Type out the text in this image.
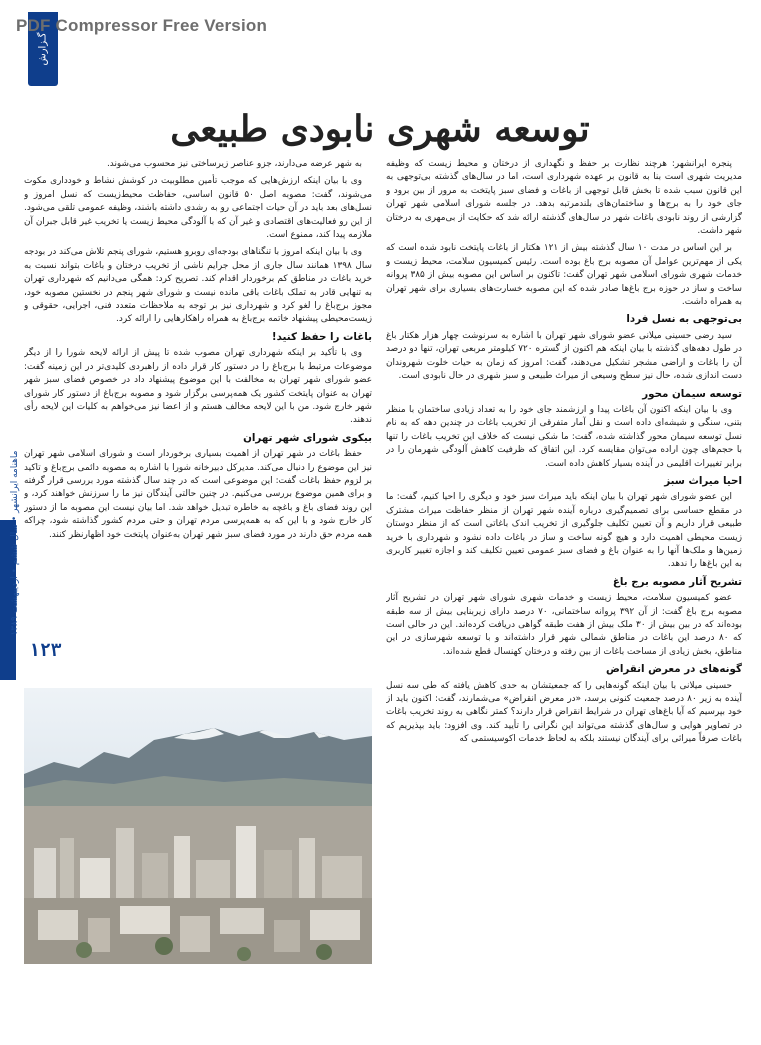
PDF Compressor Free Version
گـزارش
توسعه شهری نابودی طبیعی
ماهنامه ایرانشهر • سال ششم • اردیبهشت ۱۳۸۹
۱۲۳

پنجره ایرانشهر: هرچند نظارت بر حفظ و نگهداری از درختان و محیط زیست که وظیفه مدیریت شهری است بنا به قانون بر عهده شهرداری است، اما در سال‌های گذشته بی‌توجهی به این قانون سبب شده تا بخش قابل توجهی از باغات و فضای سبز پایتخت به مرور از بین برود و جای خود را به برج‌ها و ساختمان‌های بلندمرتبه بدهد. در جلسه شورای اسلامی شهر تهران گزارشی از روند نابودی باغات شهر در سال‌های گذشته ارائه شد که حکایت از بی‌مهری به درختان شهر داشت.

بر این اساس در مدت ۱۰ سال گذشته بیش از ۱۲۱ هکتار از باغات پایتخت نابود شده است که یکی از مهم‌ترین عوامل آن مصوبه برج باغ بوده است. رئیس کمیسیون سلامت، محیط زیست و خدمات شهری شورای اسلامی شهر تهران گفت: تاکنون بر اساس این مصوبه بیش از ۳۸۵ پروانه ساخت و ساز در حوزه برج باغ‌ها صادر شده که این مصوبه خسارت‌های بسیاری برای شهر تهران به همراه داشت.

بی‌توجهی به نسل فردا

سید رضی حسینی میلانی عضو شورای شهر تهران با اشاره به سرنوشت چهار هزار هکتار باغ در طول دهه‌های گذشته با بیان اینکه هم اکنون از گستره ۷۲۰ کیلومتر مربعی تهران، تنها دو درصد آن را باغات و اراضی مشجر تشکیل می‌دهند، گفت: امروز که زمان به حیات خلوت شهروندان دست اندازی شده، حال نیز سطح وسیعی از میراث طبیعی و سبز شهری در حال نابودی است.

توسعه سیمان محور

وی با بیان اینکه اکنون آن باغات پیدا و ارزشمند جای خود را به تعداد زیادی ساختمان با منظر بتنی، سنگی و شیشه‌ای داده است و نقل آمار متفرقی از تخریب باغات در چندین دهه که به نام نسل توسعه سیمان محور گذاشته شده، گفت: ما شکی نیست که خلاف این تخریب باغات را تنها با حجم‌های چون اراده می‌توان مقایسه کرد. این اتفاق که ظرفیت کاهش آلودگی شهرمان را در برابر تغییرات اقلیمی در آینده بسیار کاهش داده است.

احیا میراث سبز

این عضو شورای شهر تهران با بیان اینکه باید میراث سبز خود و دیگری را احیا کنیم، گفت: ما در مقطع حساسی برای تصمیم‌گیری درباره آینده شهر تهران از منظر حفاظت میراث مشترک طبیعی قرار داریم و آن تعیین تکلیف جلوگیری از تخریب اندک باغاتی است که از منظر دوستان زیست محیطی اهمیت دارد و هیچ گونه ساخت و ساز در باغات داده نشود و شهرداری با خرید زمین‌ها و ملک‌ها آنها را به عنوان باغ و فضای سبز عمومی تعیین تکلیف کند و اجازه تغییر کاربری به این باغ‌ها را ندهد.

تشریح آثار مصوبه برج باغ

عضو کمیسیون سلامت، محیط زیست و خدمات شهری شورای شهر تهران در تشریح آثار مصوبه برج باغ گفت: از آن ۳۹۲ پروانه ساختمانی، ۷۰ درصد دارای زیربنایی بیش از سه طبقه بوده‌اند که در بین بیش از ۳۰ ملک بیش از هفت طبقه گواهی دریافت کرده‌اند. این در حالی است که ۸۰ درصد این باغات در مناطق شمالی شهر قرار داشته‌اند و با توسعه شهرسازی در این مناطق، بخش زیادی از مساحت باغات از بین رفته و درختان کهنسال قطع شده‌اند.

گونه‌های در معرض انقراض

حسینی میلانی با بیان اینکه گونه‌هایی را که جمعیتشان به حدی کاهش یافته که طی سه نسل آینده به زیر ۸۰ درصد جمعیت کنونی برسد، «در معرض انقراض» می‌شمارند، گفت: اکنون باید از خود بپرسیم که آیا باغ‌های تهران در شرایط انقراض قرار دارند؟ کمتر نگاهی به روند تخریب باغات در تصاویر هوایی و سال‌های گذشته می‌تواند این نگرانی را تأیید کند. وی افزود: باید بپذیریم که باغات صرفاً میراثی برای آیندگان نیستند بلکه به لحاظ خدمات اکوسیستمی که

به شهر عرضه می‌دارند، جزو عناصر زیرساختی نیز محسوب می‌شوند.

وی با بیان اینکه ارزش‌هایی که موجب تأمین مطلوبیت در کوشش نشاط و خودداری مکوت می‌شوند، گفت: مصوبه اصل ۵۰ قانون اساسی، حفاظت محیط‌زیست که نسل امروز و نسل‌های بعد باید در آن حیات اجتماعی رو به رشدی داشته باشند، وظیفه عمومی تلقی می‌شود. از این رو فعالیت‌های اقتصادی و غیر آن که با آلودگی محیط زیست یا تخریب غیر قابل جبران آن ملازمه پیدا کند، ممنوع است.

وی با بیان اینکه امروز با تنگناهای بودجه‌ای روبرو هستیم، شورای پنجم تلاش می‌کند در بودجه سال ۱۳۹۸ همانند سال جاری از محل جرایم ناشی از تخریب درختان و باغات بتواند نسبت به خرید باغات در مناطق کم برخوردار اقدام کند. تصریح کرد: همگی می‌دانیم که شهرداری تهران به تنهایی قادر به تملک باغات باقی مانده نیست و شورای شهر پنجم در نخستین مصوبه خود، مجوز برج‌باغ را لغو کرد و شهرداری نیز بر توجه به ملاحظات متعدد فنی، اجرایی، حقوقی و زیست‌محیطی پیشنهاد خاتمه برج‌باغ به همراه راهکارهایی را ارائه کرد.

باغات را حفظ کنید!

وی با تأکید بر اینکه شهرداری تهران مصوب شده تا پیش از ارائه لایحه شورا را از دیگر موضوعات مرتبط با برج‌باغ را در دستور کار قرار داده از راهبردی کلیدی‌تر در این زمینه گفت: عضو شورای شهر تهران به مخالفت با این موضوع پیشنهاد داد در خصوص فضای سبز شهر تهران به عنوان پایتخت کشور یک همه‌پرسی برگزار شود و مصوبه برج‌باغ از دستور کار شورای شهر خارج شود. من با این لایحه مخالف هستم و از اعضا نیز می‌خواهم به کلیات این لایحه رأی ندهند.

بیکوی شورای شهر تهران

حفظ باغات در شهر تهران از اهمیت بسیاری برخوردار است و شورای اسلامی شهر تهران نیز این موضوع را دنبال می‌کند. مدیرکل دبیرخانه شورا با اشاره به مصوبه دائمی برج‌باغ و تاکید بر لزوم حفظ باغات گفت: این موضوعی است که در چند سال گذشته مورد بررسی قرار گرفته و برای همین موضوع بررسی می‌کنیم. در چنین حالتی آیندگان نیز ما را سرزنش خواهند کرد، و این روند فضای باغ و باغچه به خاطره تبدیل خواهد شد. اما بیان نیست این مصوبه ما از دستور کار خارج شود و با این که به همه‌پرسی مردم تهران و حتی مردم کشور گذاشته شود، چراکه همه مردم حق دارند در مورد فضای سبز شهر تهران به‌عنوان پایتخت خود اظهارنظر کنند.
